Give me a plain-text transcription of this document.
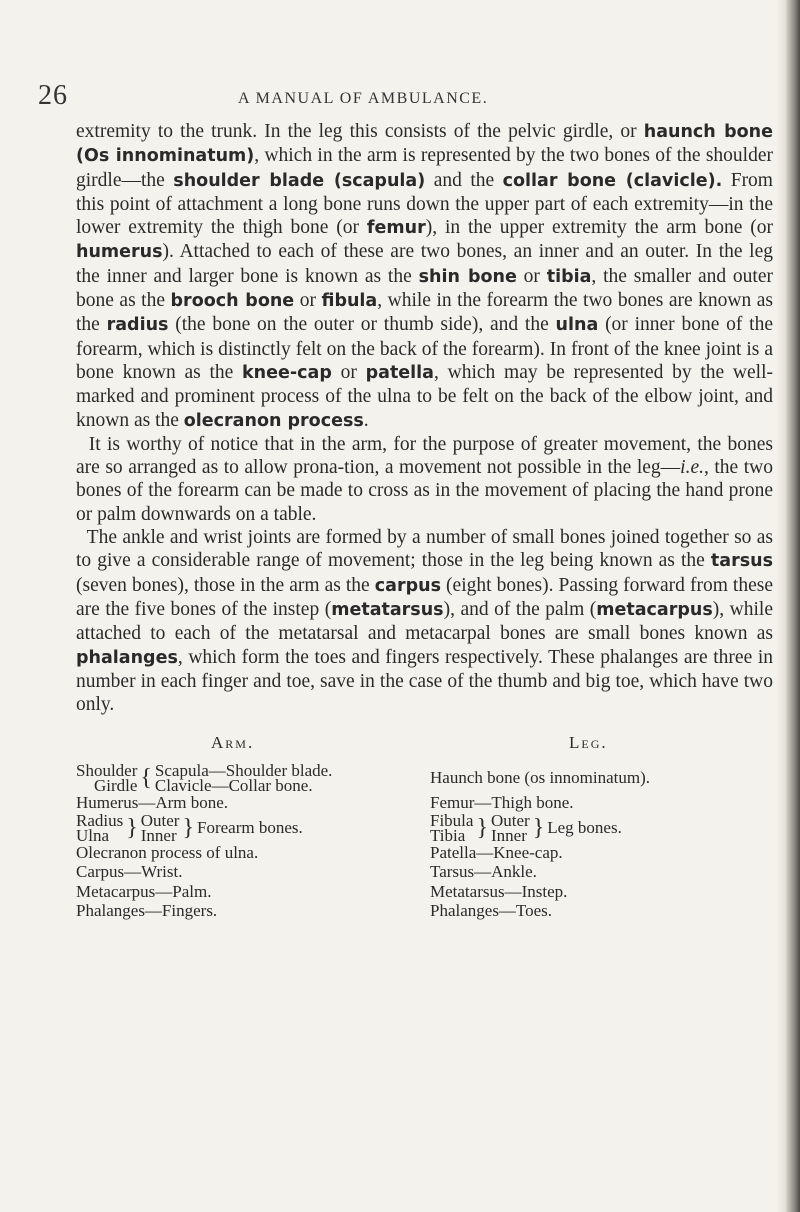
26	A MANUAL OF AMBULANCE.

extremity to the trunk. In the leg this consists of the pelvic girdle, or haunch bone (Os innominatum), which in the arm is represented by the two bones of the shoulder girdle—the shoulder blade (scapula) and the collar bone (clavicle). From this point of attachment a long bone runs down the upper part of each extremity—in the lower extremity the thigh bone (or femur), in the upper extremity the arm bone (or humerus). Attached to each of these are two bones, an inner and an outer. In the leg the inner and larger bone is known as the shin bone or tibia, the smaller and outer bone as the brooch bone or fibula, while in the forearm the two bones are known as the radius (the bone on the outer or thumb side), and the ulna (or inner bone of the forearm, which is distinctly felt on the back of the forearm). In front of the knee joint is a bone known as the knee-cap or patella, which may be represented by the well-marked and prominent process of the ulna to be felt on the back of the elbow joint, and known as the olecranon process.

It is worthy of notice that in the arm, for the purpose of greater movement, the bones are so arranged as to allow prona-tion, a movement not possible in the leg—i.e., the two bones of the forearm can be made to cross as in the movement of placing the hand prone or palm downwards on a table.

The ankle and wrist joints are formed by a number of small bones joined together so as to give a considerable range of movement; those in the leg being known as the tarsus (seven bones), those in the arm as the carpus (eight bones). Passing forward from these are the five bones of the instep (metatarsus), and of the palm (metacarpus), while attached to each of the metatarsal and metacarpal bones are small bones known as phalanges, which form the toes and fingers respectively. These phalanges are three in number in each finger and toe, save in the case of the thumb and big toe, which have two only.

Arm.	Leg.
Shoulder
Girdle { Scapula—Shoulder blade.
Clavicle—Collar bone.
Humerus—Arm bone.
Radius
Ulna } Outer
Inner } Forearm bones.
Olecranon process of ulna.
Carpus—Wrist.
Metacarpus—Palm.
Phalanges—Fingers.
Haunch bone (os innominatum).
Femur—Thigh bone.
Fibula
Tibia } Outer
Inner } Leg bones.
Patella—Knee-cap.
Tarsus—Ankle.
Metatarsus—Instep.
Phalanges—Toes.
